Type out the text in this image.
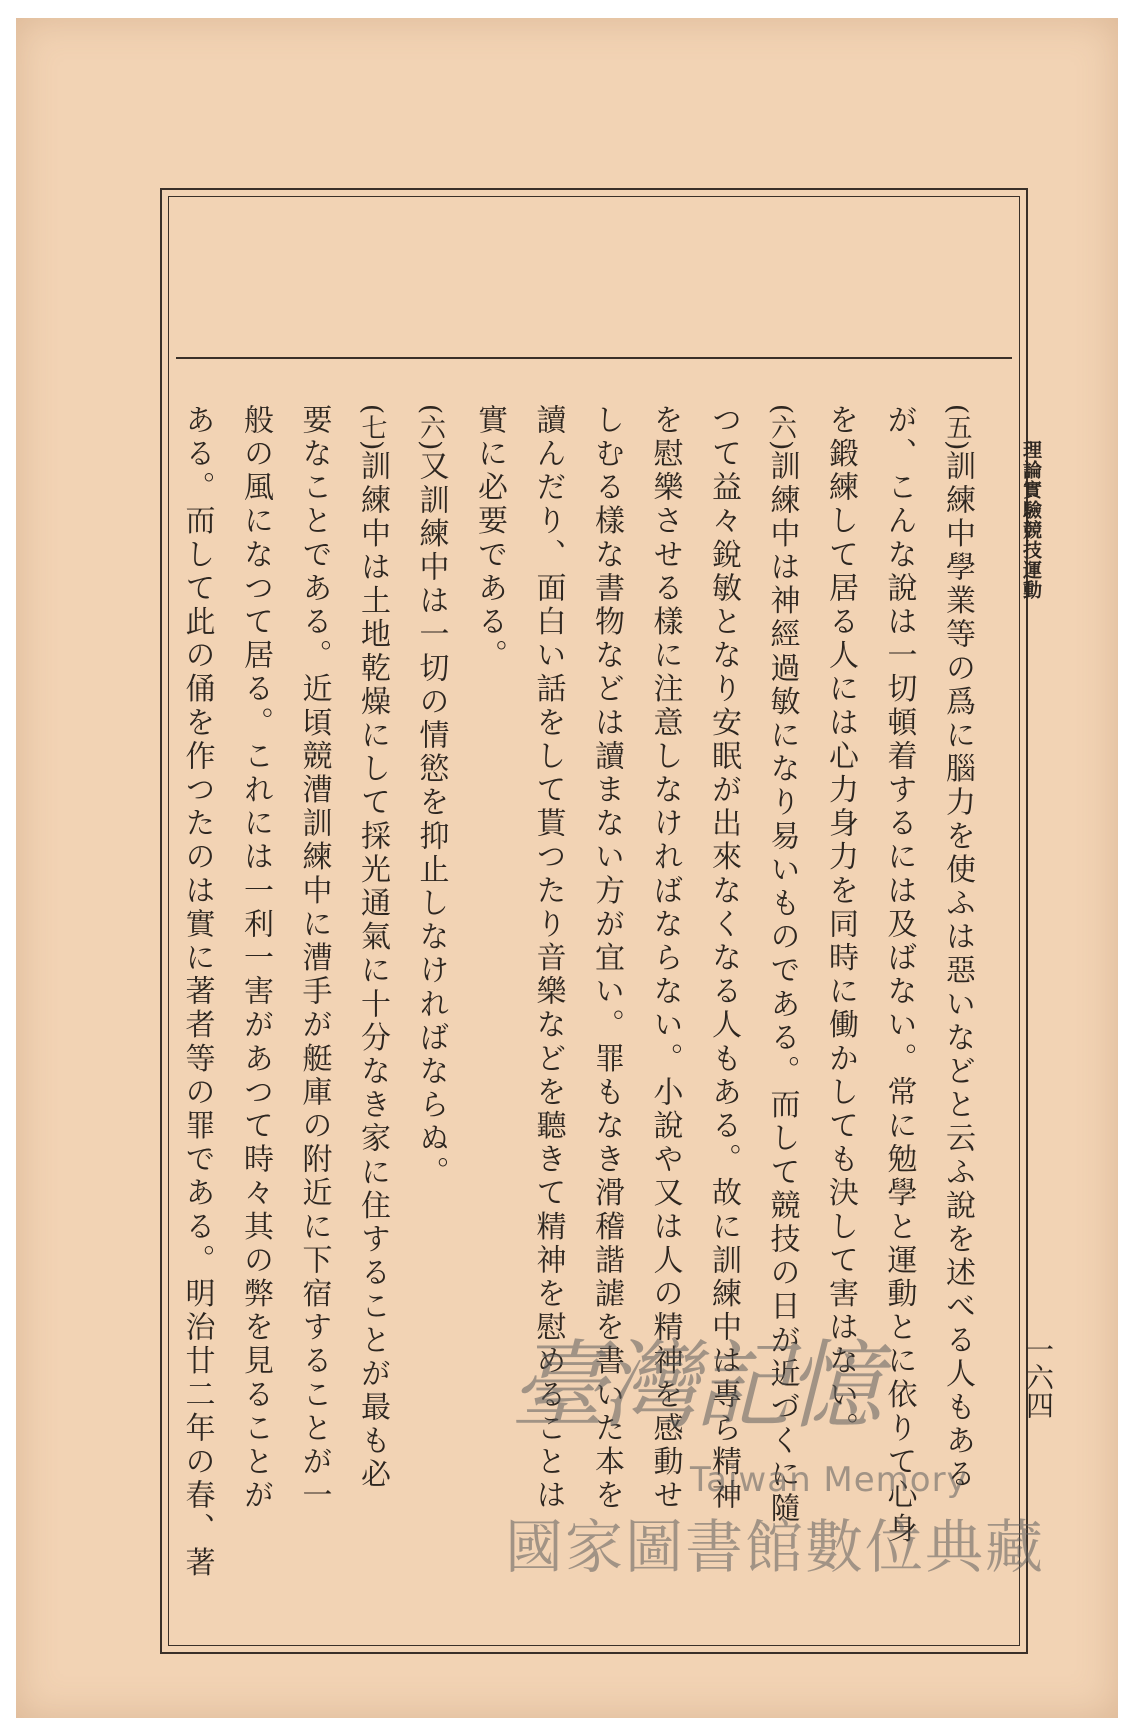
理論實驗競技運動
一六四
(五)訓練中學業等の爲に腦力を使ふは惡いなどと云ふ說を述べる人もある
が、こんな說は一切頓着するには及ばない。常に勉學と運動とに依りて心身
を鍛練して居る人には心力身力を同時に働かしても決して害はない。
(六)訓練中は神經過敏になり易いものである。而して競技の日が近づくに隨
つて益々銳敏となり安眠が出來なくなる人もある。故に訓練中は專ら精神
を慰樂させる樣に注意しなければならない。小說や又は人の精神を感動せ
しむる樣な書物などは讀まない方が宜い。罪もなき滑稽諧謔を書いた本を
讀んだり、面白い話をして貰つたり音樂などを聽きて精神を慰めることは
實に必要である。
(六)又訓練中は一切の情慾を抑止しなければならぬ。
(七)訓練中は土地乾燥にして採光通氣に十分なき家に住することが最も必
要なことである。近頃競漕訓練中に漕手が艇庫の附近に下宿することが一
般の風になつて居る。これには一利一害があつて時々其の弊を見ることが
ある。而して此の俑を作つたのは實に著者等の罪である。明治廿二年の春、著	臺灣記憶
Taiwan Memory
國家圖書館數位典藏
